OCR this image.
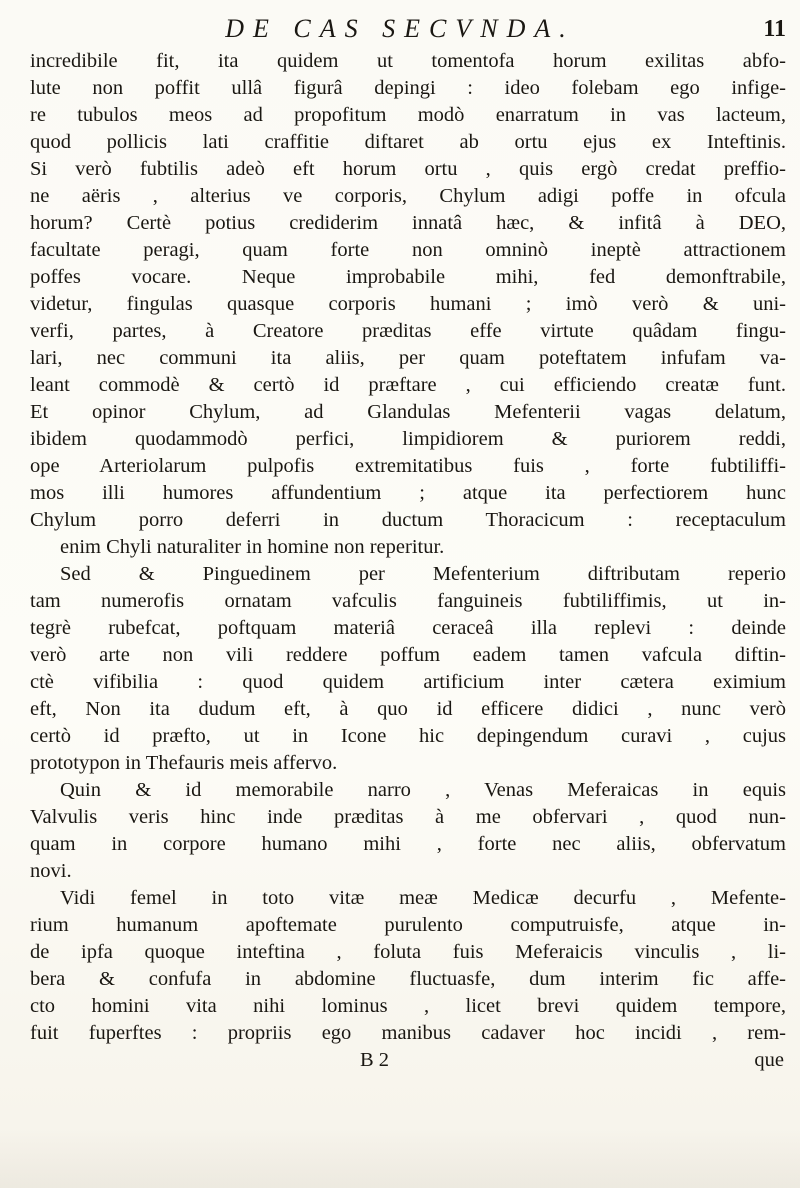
DE CAS SECVNDA.	11
incredibile fit, ita quidem ut tomentofa horum exilitas abfo-
lute non poffit ullâ figurâ depingi : ideo folebam ego infige-
re tubulos meos ad propofitum modò enarratum in vas lacteum,
quod pollicis lati craffitie diftaret ab ortu ejus ex Inteftinis.
Si verò fubtilis adeò eft horum ortu , quis ergò credat preffio-
ne aëris , alterius ve corporis, Chylum adigi poffe in ofcula
horum? Certè potius crediderim innatâ hæc, & infitâ à DEO,
facultate peragi, quam forte non omninò ineptè attractionem
poffes vocare. Neque improbabile mihi, fed demonftrabile,
videtur, fingulas quasque corporis humani ; imò verò & uni-
verfi, partes, à Creatore præditas effe virtute quâdam fingu-
lari, nec communi ita aliis, per quam poteftatem infufam va-
leant commodè & certò id præftare , cui efficiendo creatæ funt.
Et opinor Chylum, ad Glandulas Mefenterii vagas delatum,
ibidem quodammodò perfici, limpidiorem & puriorem reddi,
ope Arteriolarum pulpofis extremitatibus fuis , forte fubtiliffi-
mos illi humores affundentium ; atque ita perfectiorem hunc
Chylum porro deferri in ductum Thoracicum : receptaculum
enim Chyli naturaliter in homine non reperitur.
Sed & Pinguedinem per Mefenterium diftributam reperio
tam numerofis ornatam vafculis fanguineis fubtiliffimis, ut in-
tegrè rubefcat, poftquam materiâ ceraceâ illa replevi : deinde
verò arte non vili reddere poffum eadem tamen vafcula diftin-
ctè vifibilia : quod quidem artificium inter cætera eximium
eft, Non ita dudum eft, à quo id efficere didici , nunc verò
certò id præfto, ut in Icone hic depingendum curavi , cujus
prototypon in Thefauris meis affervo.
Quin & id memorabile narro , Venas Meferaicas in equis
Valvulis veris hinc inde præditas à me obfervari , quod nun-
quam in corpore humano mihi , forte nec aliis, obfervatum
novi.
Vidi femel in toto vitæ meæ Medicæ decurfu , Mefente-
rium humanum apoftemate purulento computruisfe, atque in-
de ipfa quoque inteftina , foluta fuis Meferaicis vinculis , li-
bera & confufa in abdomine fluctuasfe, dum interim fic affe-
cto homini vita nihi lominus , licet brevi quidem tempore,
fuit fuperftes : propriis ego manibus cadaver hoc incidi , rem-
B 2	que
